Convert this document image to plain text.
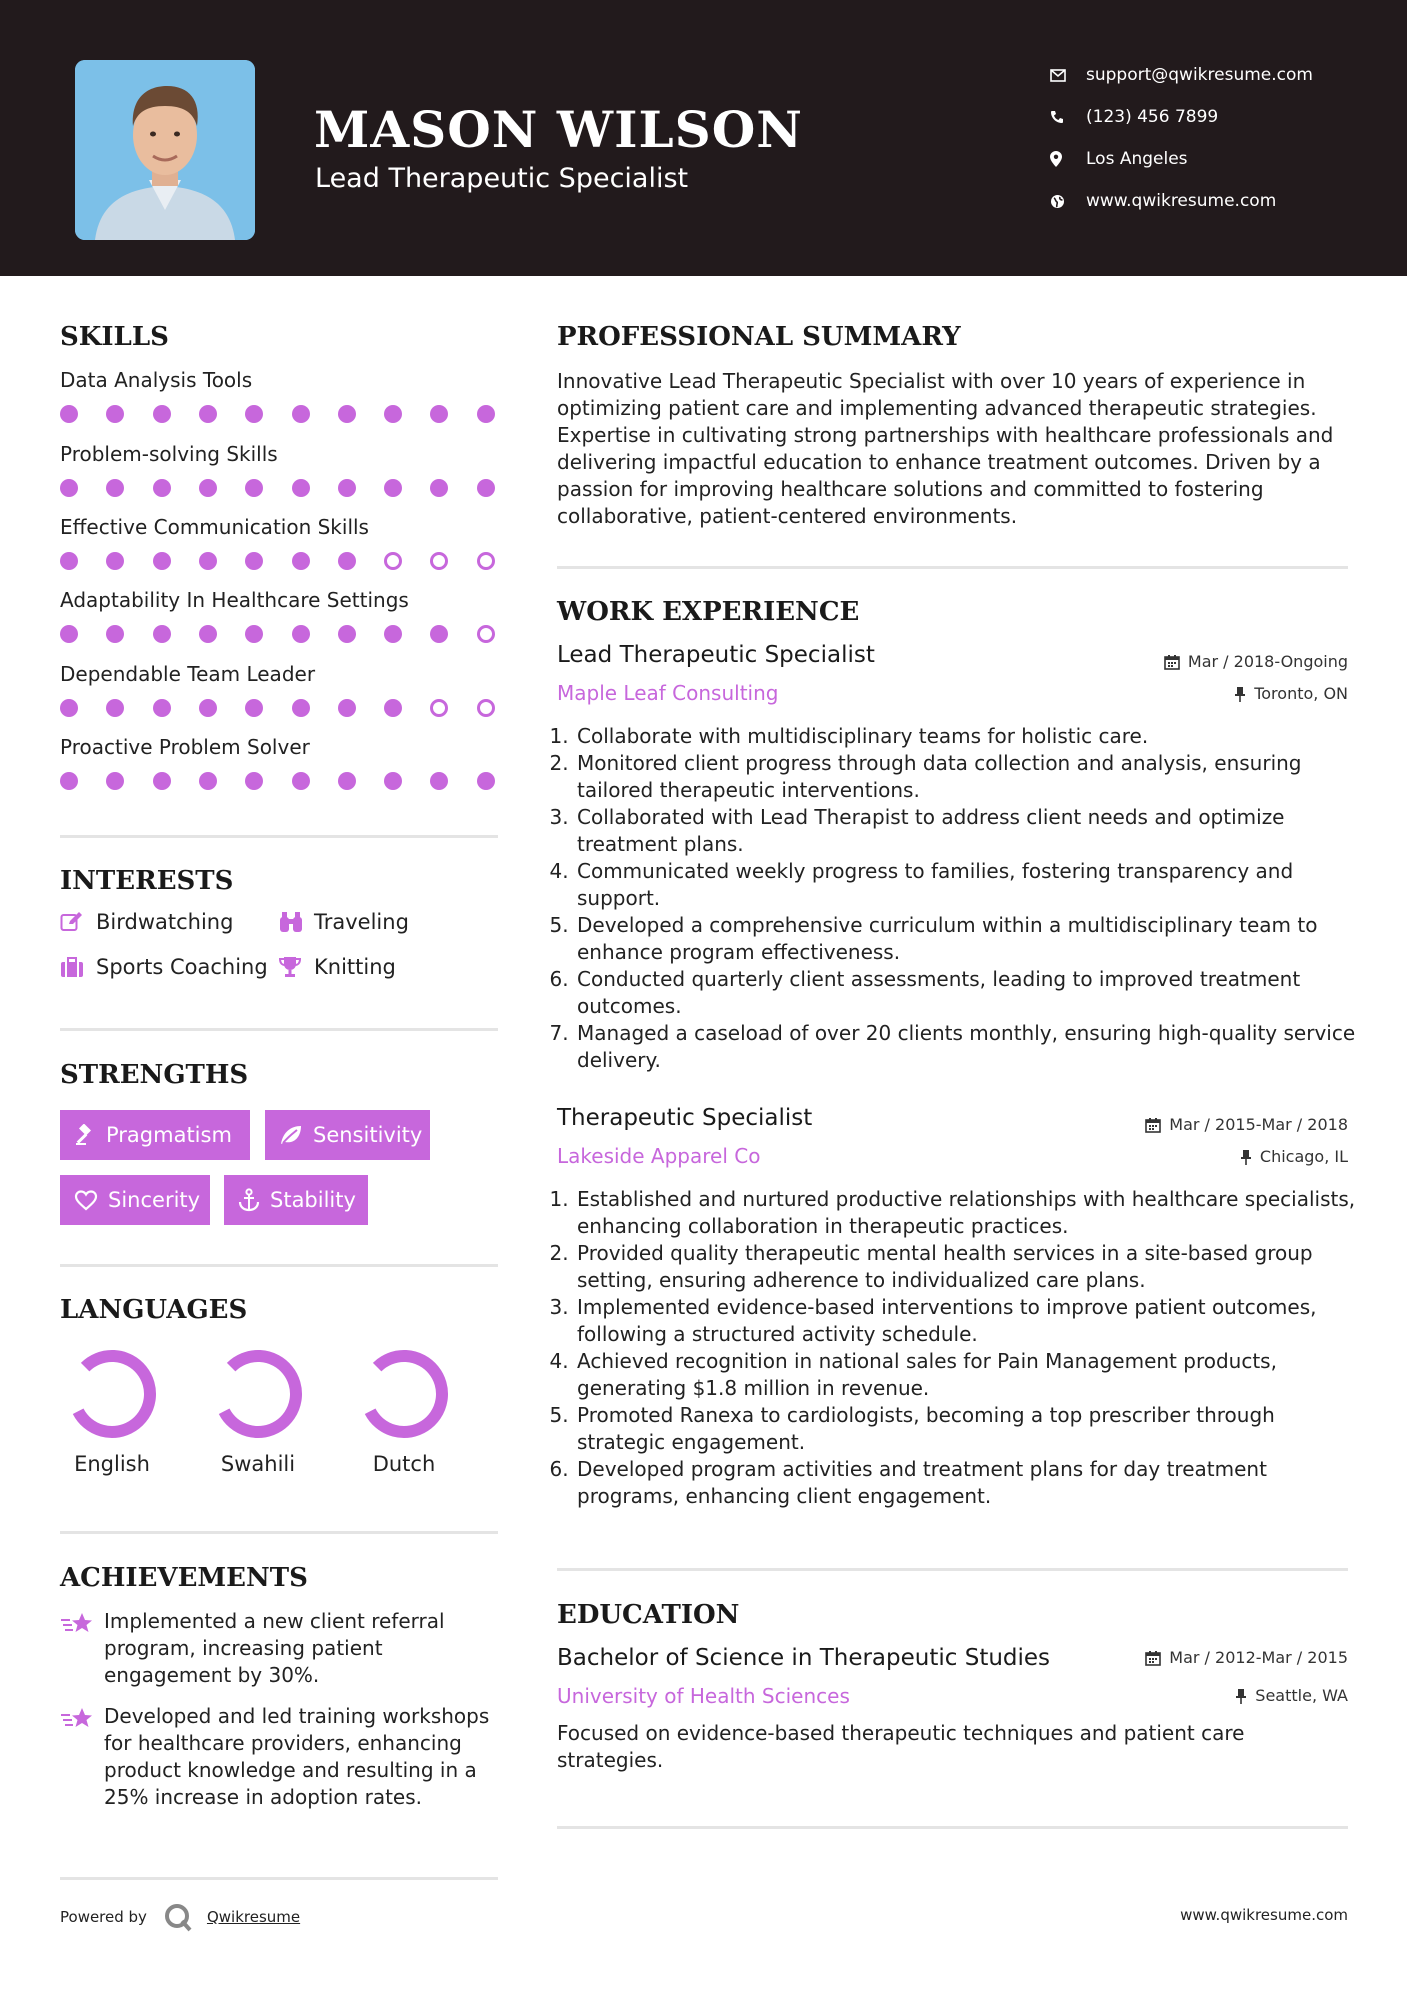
MASON WILSON
Lead Therapeutic Specialist
support@qwikresume.com
(123) 456 7899
Los Angeles
www.qwikresume.com
SKILLS
Data Analysis Tools
Problem-solving Skills
Effective Communication Skills
Adaptability In Healthcare Settings
Dependable Team Leader
Proactive Problem Solver
INTERESTS
Birdwatching	Traveling
Sports Coaching Knitting
STRENGTHS
Pragmatism	Sensitivity
Sincerity	Stability
LANGUAGES
English	Swahili	Dutch
ACHIEVEMENTS
Implemented a new client referral program, increasing patient engagement by 30%.
Developed and led training workshops for healthcare providers, enhancing product knowledge and resulting in a 25% increase in adoption rates.
PROFESSIONAL SUMMARY
Innovative Lead Therapeutic Specialist with over 10 years of experience in optimizing patient care and implementing advanced therapeutic strategies. Expertise in cultivating strong partnerships with healthcare professionals and delivering impactful education to enhance treatment outcomes. Driven by a passion for improving healthcare solutions and committed to fostering collaborative, patient-centered environments.
WORK EXPERIENCE
Lead Therapeutic Specialist	Mar / 2018-Ongoing
Maple Leaf Consulting	Toronto, ON
1. Collaborate with multidisciplinary teams for holistic care.
2. Monitored client progress through data collection and analysis, ensuring tailored therapeutic interventions.
3. Collaborated with Lead Therapist to address client needs and optimize treatment plans.
4. Communicated weekly progress to families, fostering transparency and support.
5. Developed a comprehensive curriculum within a multidisciplinary team to enhance program effectiveness.
6. Conducted quarterly client assessments, leading to improved treatment outcomes.
7. Managed a caseload of over 20 clients monthly, ensuring high-quality service delivery.
Therapeutic Specialist	Mar / 2015-Mar / 2018
Lakeside Apparel Co	Chicago, IL
1. Established and nurtured productive relationships with healthcare specialists, enhancing collaboration in therapeutic practices.
2. Provided quality therapeutic mental health services in a site-based group setting, ensuring adherence to individualized care plans.
3. Implemented evidence-based interventions to improve patient outcomes, following a structured activity schedule.
4. Achieved recognition in national sales for Pain Management products, generating $1.8 million in revenue.
5. Promoted Ranexa to cardiologists, becoming a top prescriber through strategic engagement.
6. Developed program activities and treatment plans for day treatment programs, enhancing client engagement.
EDUCATION
Bachelor of Science in Therapeutic Studies	Mar / 2012-Mar / 2015
University of Health Sciences	Seattle, WA
Focused on evidence-based therapeutic techniques and patient care strategies.
Powered by	Qwikresume	www.qwikresume.com
